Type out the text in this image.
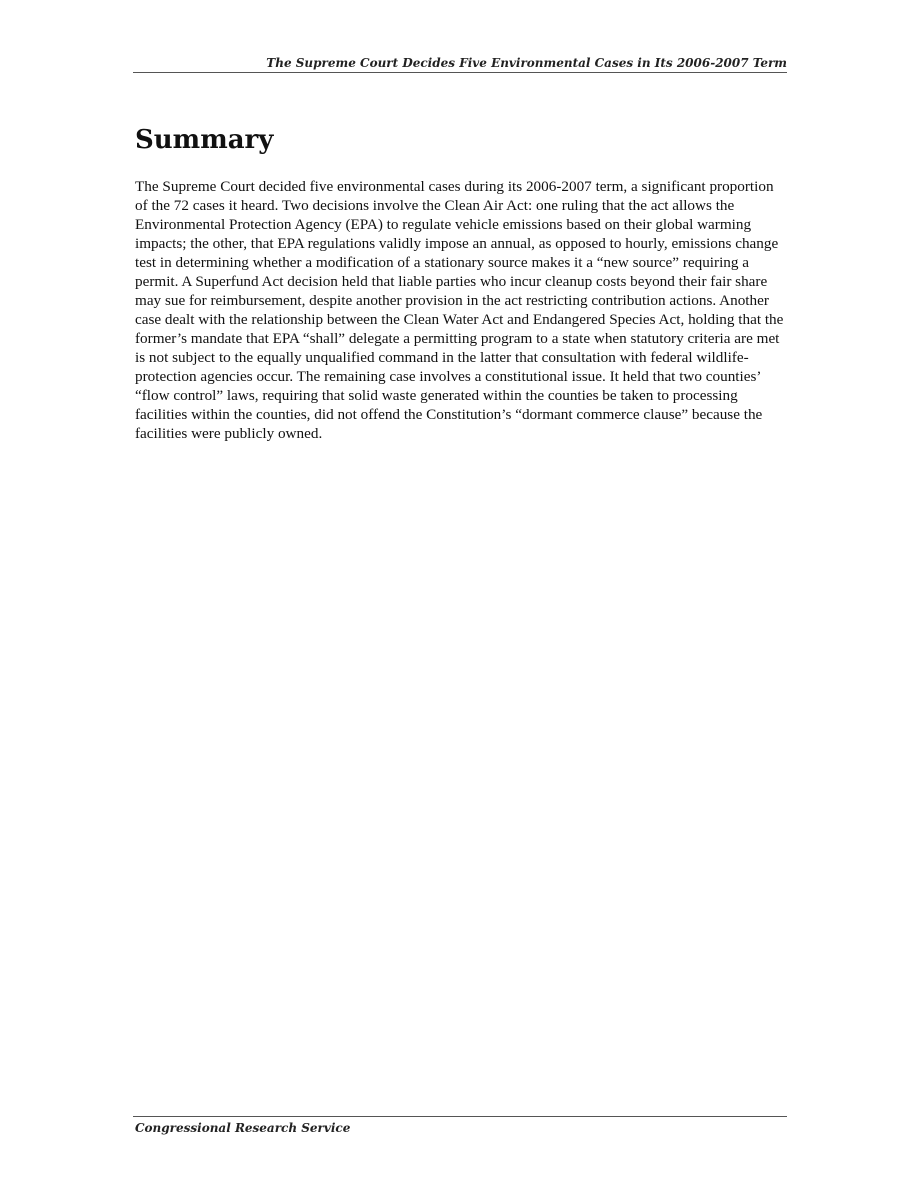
The Supreme Court Decides Five Environmental Cases in Its 2006-2007 Term
Summary

The Supreme Court decided five environmental cases during its 2006-2007 term, a significant proportion of the 72 cases it heard. Two decisions involve the Clean Air Act: one ruling that the act allows the Environmental Protection Agency (EPA) to regulate vehicle emissions based on their global warming impacts; the other, that EPA regulations validly impose an annual, as opposed to hourly, emissions change test in determining whether a modification of a stationary source makes it a “new source” requiring a permit. A Superfund Act decision held that liable parties who incur cleanup costs beyond their fair share may sue for reimbursement, despite another provision in the act restricting contribution actions. Another case dealt with the relationship between the Clean Water Act and Endangered Species Act, holding that the former’s mandate that EPA “shall” delegate a permitting program to a state when statutory criteria are met is not subject to the equally unqualified command in the latter that consultation with federal wildlife-protection agencies occur. The remaining case involves a constitutional issue. It held that two counties’ “flow control” laws, requiring that solid waste generated within the counties be taken to processing facilities within the counties, did not offend the Constitution’s “dormant commerce clause” because the facilities were publicly owned.

Congressional Research Service
